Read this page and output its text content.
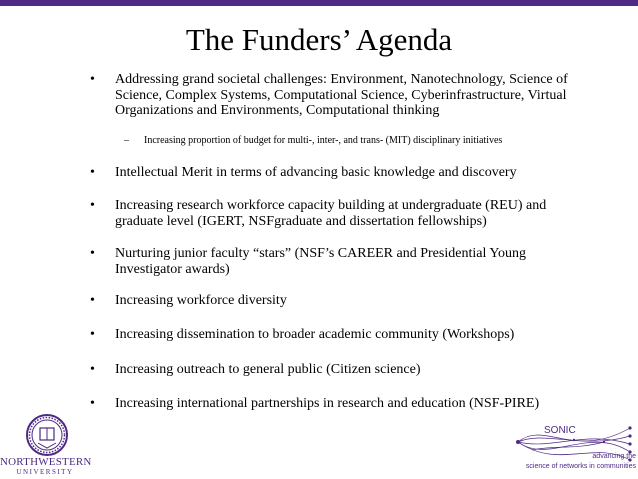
The Funders’ Agenda
• Addressing grand societal challenges: Environment, Nanotechnology, Science of Science, Complex Systems, Computational Science, Cyberinfrastructure, Virtual Organizations and Environments, Computational thinking
– Increasing proportion of budget for multi-, inter-, and trans- (MIT) disciplinary initiatives
• Intellectual Merit in terms of advancing basic knowledge and discovery
• Increasing research workforce capacity building at undergraduate (REU) and graduate level (IGERT, NSFgraduate and dissertation fellowships)
• Nurturing junior faculty “stars” (NSF’s CAREER and Presidential Young Investigator awards)
• Increasing workforce diversity
• Increasing dissemination to broader academic community (Workshops)
• Increasing outreach to general public (Citizen science)
• Increasing international partnerships in research and education (NSF-PIRE)
NORTHWESTERN
UNIVERSITY
SONIC
advancing the
science of networks in communities
